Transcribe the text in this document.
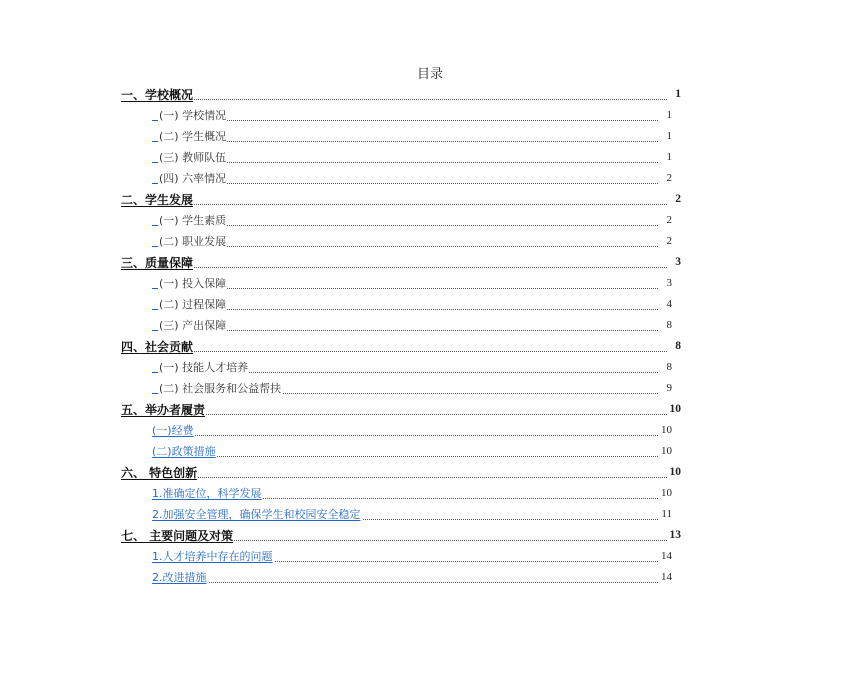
目录
一、学校概况	1
(一) 学校情况	1
(二) 学生概况	1
(三) 教师队伍	1
(四) 六率情况	2
二、学生发展	2
(一) 学生素质	2
(二) 职业发展	2
三、质量保障	3
(一) 投入保障	3
(二) 过程保障	4
(三) 产出保障	8
四、社会贡献	8
(一) 技能人才培养	8
(二) 社会服务和公益帮扶	9
五、举办者履责	10
(一)经费	10
(二)政策措施	10
六、 特色创新	10
1.准确定位，科学发展	10
2.加强安全管理，确保学生和校园安全稳定	11
七、 主要问题及对策	13
1.人才培养中存在的问题	14
2.改进措施	14
